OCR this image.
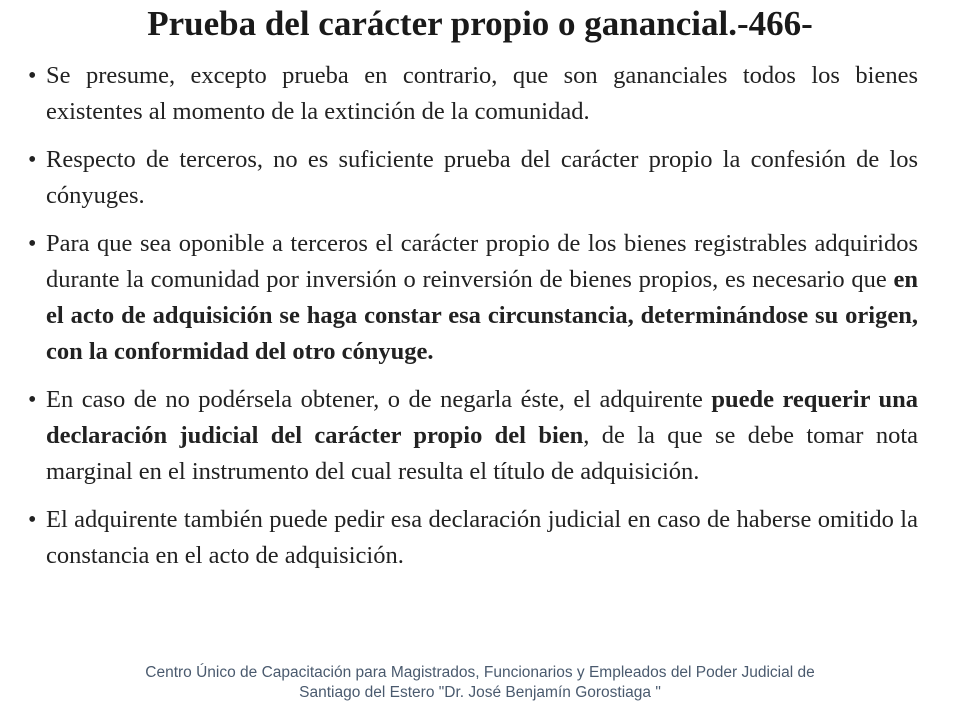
Prueba del carácter propio o ganancial.-466-
• Se presume, excepto prueba en contrario, que son gananciales todos los bienes existentes al momento de la extinción de la comunidad.
• Respecto de terceros, no es suficiente prueba del carácter propio la confesión de los cónyuges.
• Para que sea oponible a terceros el carácter propio de los bienes registrables adquiridos durante la comunidad por inversión o reinversión de bienes propios, es necesario que en el acto de adquisición se haga constar esa circunstancia, determinándose su origen, con la conformidad del otro cónyuge.
• En caso de no podérsela obtener, o de negarla éste, el adquirente puede requerir una declaración judicial del carácter propio del bien, de la que se debe tomar nota marginal en el instrumento del cual resulta el título de adquisición.
• El adquirente también puede pedir esa declaración judicial en caso de haberse omitido la constancia en el acto de adquisición.
Centro Único de Capacitación para Magistrados, Funcionarios y Empleados del Poder Judicial de
Santiago del Estero "Dr. José Benjamín Gorostiaga "
